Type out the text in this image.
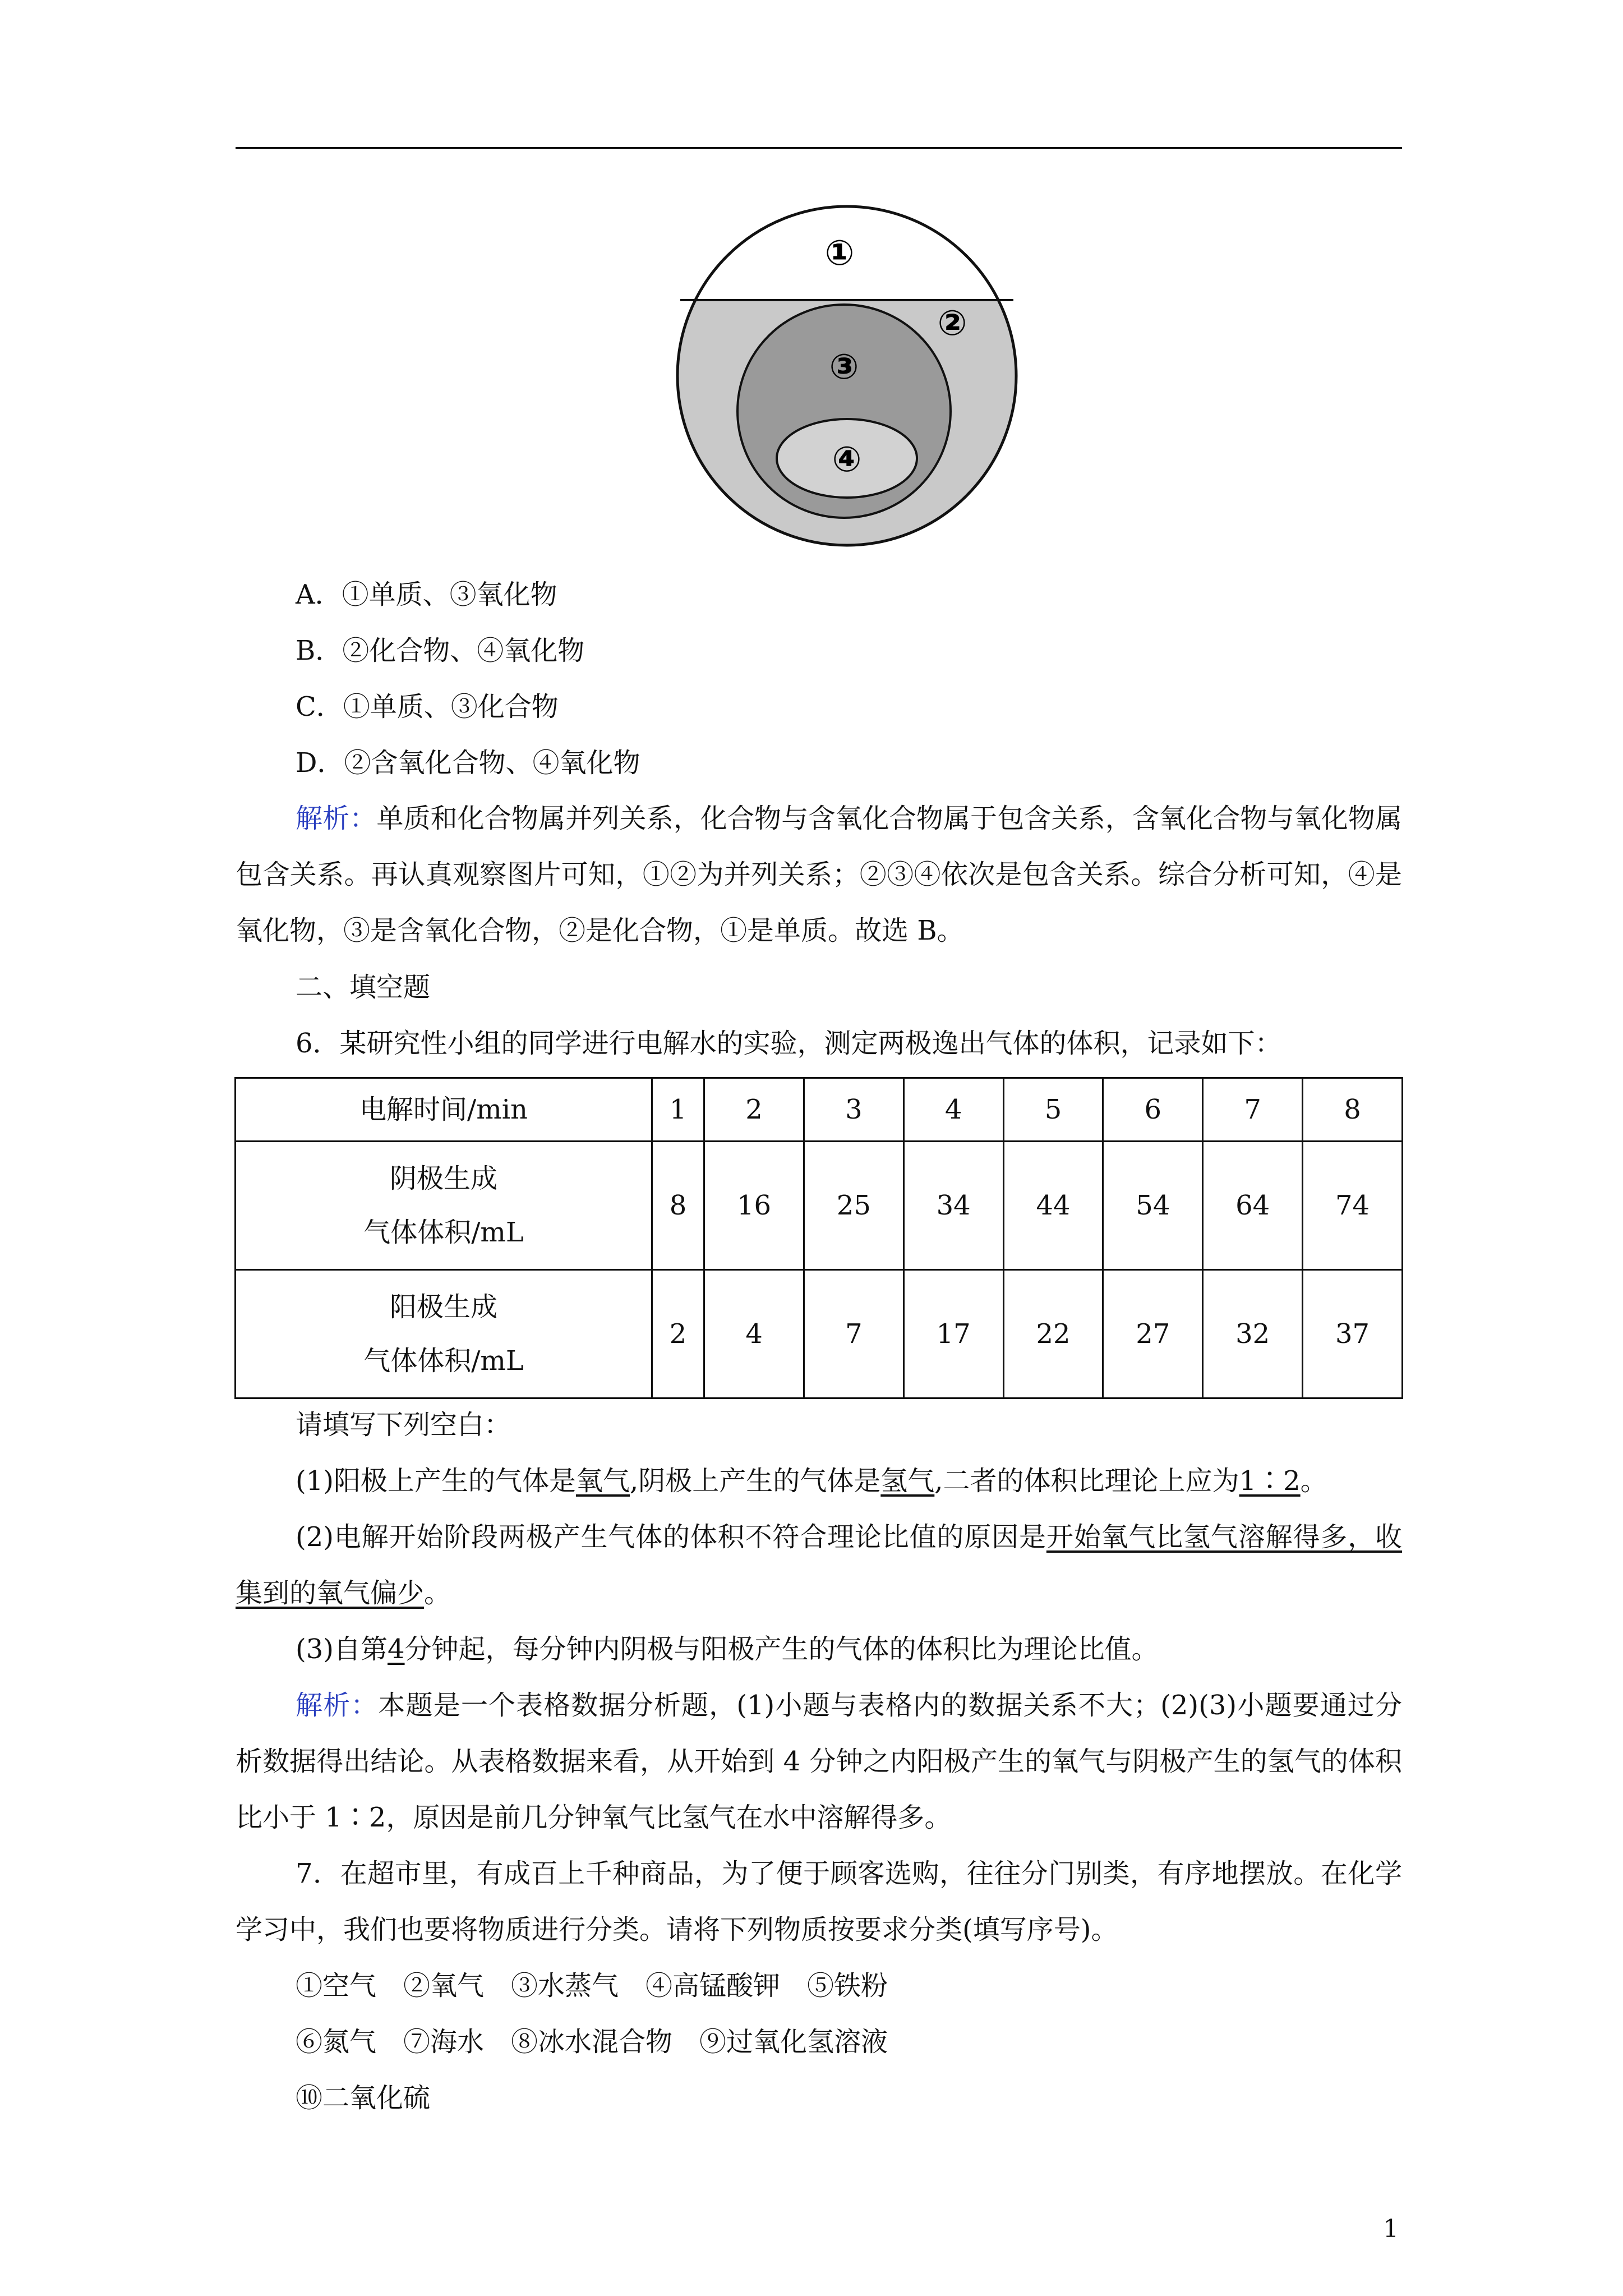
①
②
③
④
A．①单质、③氧化物
B．②化合物、④氧化物
C．①单质、③化合物
D．②含氧化合物、④氧化物
解析：单质和化合物属并列关系，化合物与含氧化合物属于包含关系，含氧化合物与氧化物属包含关系。再认真观察图片可知，①②为并列关系；②③④依次是包含关系。综合分析可知，④是氧化物，③是含氧化合物，②是化合物，①是单质。故选 B。
二、填空题
6．某研究性小组的同学进行电解水的实验，测定两极逸出气体的体积，记录如下：
电解时间/min	1	2	3	4	5	6	7	8

阴极生成
气体体积/mL	8	16	25	34	44	54	64	74

阳极生成
气体体积/mL	2	4	7	17	22	27	32	37
请填写下列空白：
(1)阳极上产生的气体是氧气,阴极上产生的气体是氢气,二者的体积比理论上应为1∶2。
(2)电解开始阶段两极产生气体的体积不符合理论比值的原因是开始氧气比氢气溶解得多，收集到的氧气偏少。
(3)自第4分钟起，每分钟内阴极与阳极产生的气体的体积比为理论比值。
解析：本题是一个表格数据分析题，(1)小题与表格内的数据关系不大；(2)(3)小题要通过分析数据得出结论。从表格数据来看，从开始到 4 分钟之内阳极产生的氧气与阴极产生的氢气的体积比小于 1∶2，原因是前几分钟氧气比氢气在水中溶解得多。
7．在超市里，有成百上千种商品，为了便于顾客选购，往往分门别类，有序地摆放。在化学学习中，我们也要将物质进行分类。请将下列物质按要求分类(填写序号)。
①空气　②氧气　③水蒸气　④高锰酸钾　⑤铁粉
⑥氮气　⑦海水　⑧冰水混合物　⑨过氧化氢溶液
⑩二氧化硫
1
